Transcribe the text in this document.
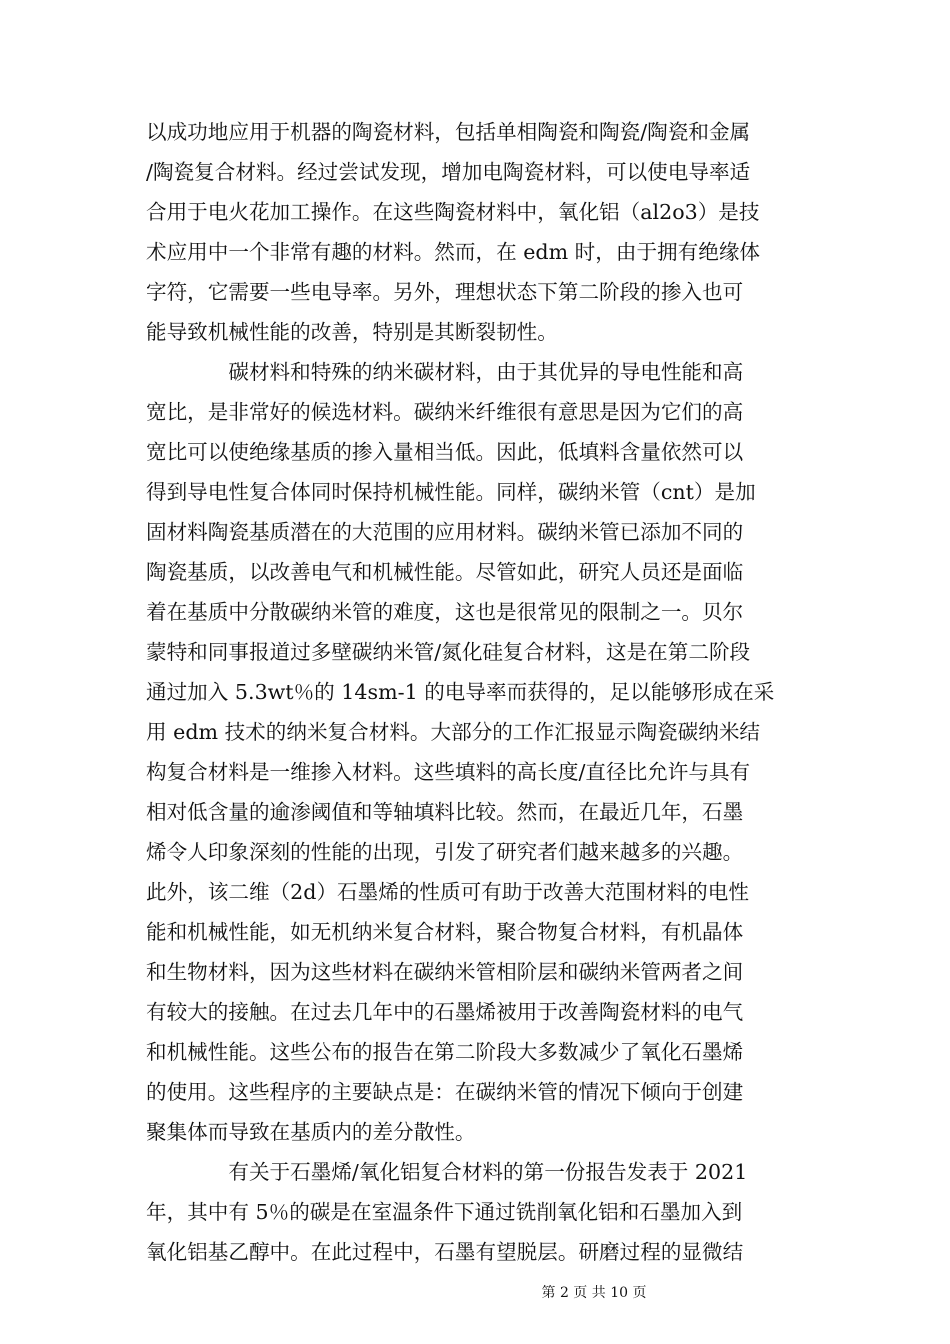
以成功地应用于机器的陶瓷材料，包括单相陶瓷和陶瓷/陶瓷和金属
/陶瓷复合材料。经过尝试发现，增加电陶瓷材料，可以使电导率适
合用于电火花加工操作。在这些陶瓷材料中，氧化铝（al2o3）是技
术应用中一个非常有趣的材料。然而，在 edm 时，由于拥有绝缘体
字符，它需要一些电导率。另外，理想状态下第二阶段的掺入也可
能导致机械性能的改善，特别是其断裂韧性。
　　　　碳材料和特殊的纳米碳材料，由于其优异的导电性能和高
宽比，是非常好的候选材料。碳纳米纤维很有意思是因为它们的高
宽比可以使绝缘基质的掺入量相当低。因此，低填料含量依然可以
得到导电性复合体同时保持机械性能。同样，碳纳米管（cnt）是加
固材料陶瓷基质潜在的大范围的应用材料。碳纳米管已添加不同的
陶瓷基质，以改善电气和机械性能。尽管如此，研究人员还是面临
着在基质中分散碳纳米管的难度，这也是很常见的限制之一。贝尔
蒙特和同事报道过多壁碳纳米管/氮化硅复合材料，这是在第二阶段
通过加入 5.3wt％的 14sm-1 的电导率而获得的，足以能够形成在采
用 edm 技术的纳米复合材料。大部分的工作汇报显示陶瓷碳纳米结
构复合材料是一维掺入材料。这些填料的高长度/直径比允许与具有
相对低含量的逾渗阈值和等轴填料比较。然而，在最近几年，石墨
烯令人印象深刻的性能的出现，引发了研究者们越来越多的兴趣。
此外，该二维（2d）石墨烯的性质可有助于改善大范围材料的电性
能和机械性能，如无机纳米复合材料，聚合物复合材料，有机晶体
和生物材料，因为这些材料在碳纳米管相阶层和碳纳米管两者之间
有较大的接触。在过去几年中的石墨烯被用于改善陶瓷材料的电气
和机械性能。这些公布的报告在第二阶段大多数减少了氧化石墨烯
的使用。这些程序的主要缺点是：在碳纳米管的情况下倾向于创建
聚集体而导致在基质内的差分散性。
　　　　有关于石墨烯/氧化铝复合材料的第一份报告发表于 2021
年，其中有 5％的碳是在室温条件下通过铣削氧化铝和石墨加入到
氧化铝基乙醇中。在此过程中，石墨有望脱层。研磨过程的显微结
第 2 页 共 10 页
